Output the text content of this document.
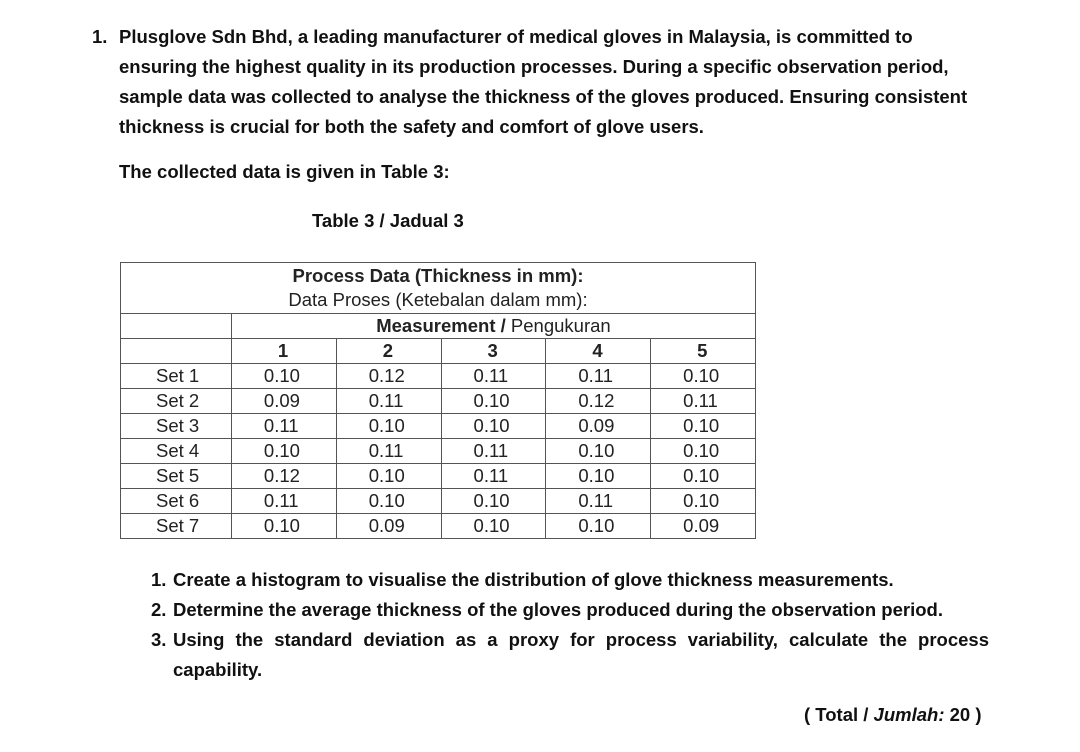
1. Plusglove Sdn Bhd, a leading manufacturer of medical gloves in Malaysia, is committed to ensuring the highest quality in its production processes. During a specific observation period, sample data was collected to analyse the thickness of the gloves produced. Ensuring consistent thickness is crucial for both the safety and comfort of glove users.
The collected data is given in Table 3:
Table 3 / Jadual 3
Process Data (Thickness in mm):
Data Proses (Ketebalan dalam mm):					

	Measurement / Pengukuran				
	1	2	3	4	5
Set 1	0.10	0.12	0.11	0.11	0.10
Set 2	0.09	0.11	0.10	0.12	0.11
Set 3	0.11	0.10	0.10	0.09	0.10
Set 4	0.10	0.11	0.11	0.10	0.10
Set 5	0.12	0.10	0.11	0.10	0.10
Set 6	0.11	0.10	0.10	0.11	0.10
Set 7	0.10	0.09	0.10	0.10	0.09
1. Create a histogram to visualise the distribution of glove thickness measurements.
2. Determine the average thickness of the gloves produced during the observation period.
3. Using the standard deviation as a proxy for process variability, calculate the process capability.
( Total / Jumlah: 20 )
